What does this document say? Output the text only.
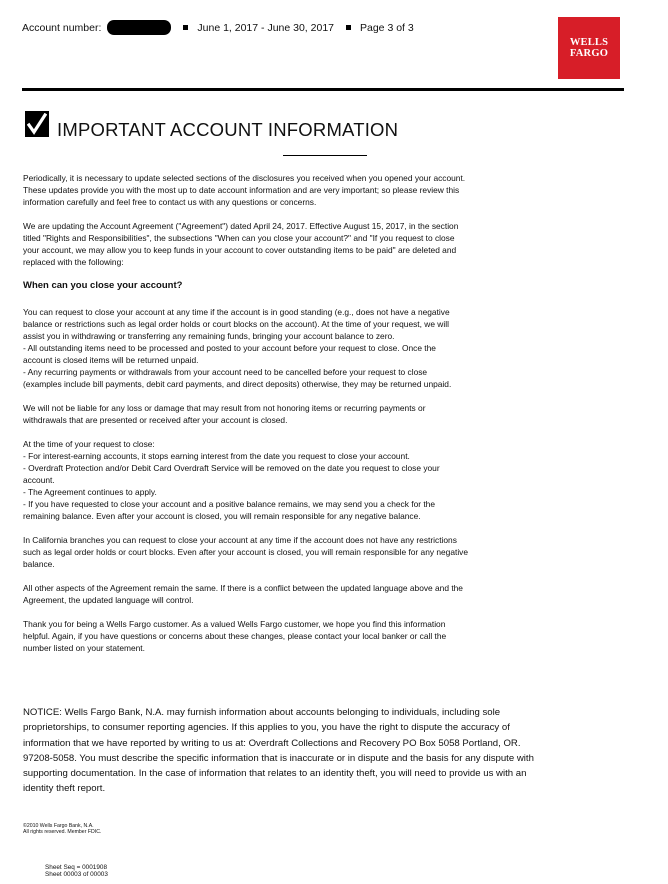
Account number:	June 1, 2017 - June 30, 2017 Page 3 of 3
WELLS
FARGO
IMPORTANT ACCOUNT INFORMATION

Periodically, it is necessary to update selected sections of the disclosures you received when you opened your account.
These updates provide you with the most up to date account information and are very important; so please review this
information carefully and feel free to contact us with any questions or concerns.

We are updating the Account Agreement ("Agreement") dated April 24, 2017. Effective August 15, 2017, in the section
titled "Rights and Responsibilities", the subsections "When can you close your account?" and "If you request to close
your account, we may allow you to keep funds in your account to cover outstanding items to be paid" are deleted and
replaced with the following:

When can you close your account?

You can request to close your account at any time if the account is in good standing (e.g., does not have a negative
balance or restrictions such as legal order holds or court blocks on the account). At the time of your request, we will
assist you in withdrawing or transferring any remaining funds, bringing your account balance to zero.
- All outstanding items need to be processed and posted to your account before your request to close. Once the
account is closed items will be returned unpaid.
- Any recurring payments or withdrawals from your account need to be cancelled before your request to close
(examples include bill payments, debit card payments, and direct deposits) otherwise, they may be returned unpaid.

We will not be liable for any loss or damage that may result from not honoring items or recurring payments or
withdrawals that are presented or received after your account is closed.

At the time of your request to close:
- For interest-earning accounts, it stops earning interest from the date you request to close your account.
- Overdraft Protection and/or Debit Card Overdraft Service will be removed on the date you request to close your
account.
- The Agreement continues to apply.
- If you have requested to close your account and a positive balance remains, we may send you a check for the
remaining balance. Even after your account is closed, you will remain responsible for any negative balance.

In California branches you can request to close your account at any time if the account does not have any restrictions
such as legal order holds or court blocks. Even after your account is closed, you will remain responsible for any negative
balance.

All other aspects of the Agreement remain the same. If there is a conflict between the updated language above and the
Agreement, the updated language will control.

Thank you for being a Wells Fargo customer. As a valued Wells Fargo customer, we hope you find this information
helpful. Again, if you have questions or concerns about these changes, please contact your local banker or call the
number listed on your statement.

NOTICE: Wells Fargo Bank, N.A. may furnish information about accounts belonging to individuals, including sole
proprietorships, to consumer reporting agencies. If this applies to you, you have the right to dispute the accuracy of
information that we have reported by writing to us at: Overdraft Collections and Recovery PO Box 5058 Portland, OR.
97208-5058. You must describe the specific information that is inaccurate or in dispute and the basis for any dispute with
supporting documentation. In the case of information that relates to an identity theft, you will need to provide us with an
identity theft report.
©2010 Wells Fargo Bank, N.A.
All rights reserved. Member FDIC.
Sheet Seq = 0001908
Sheet 00003 of 00003
